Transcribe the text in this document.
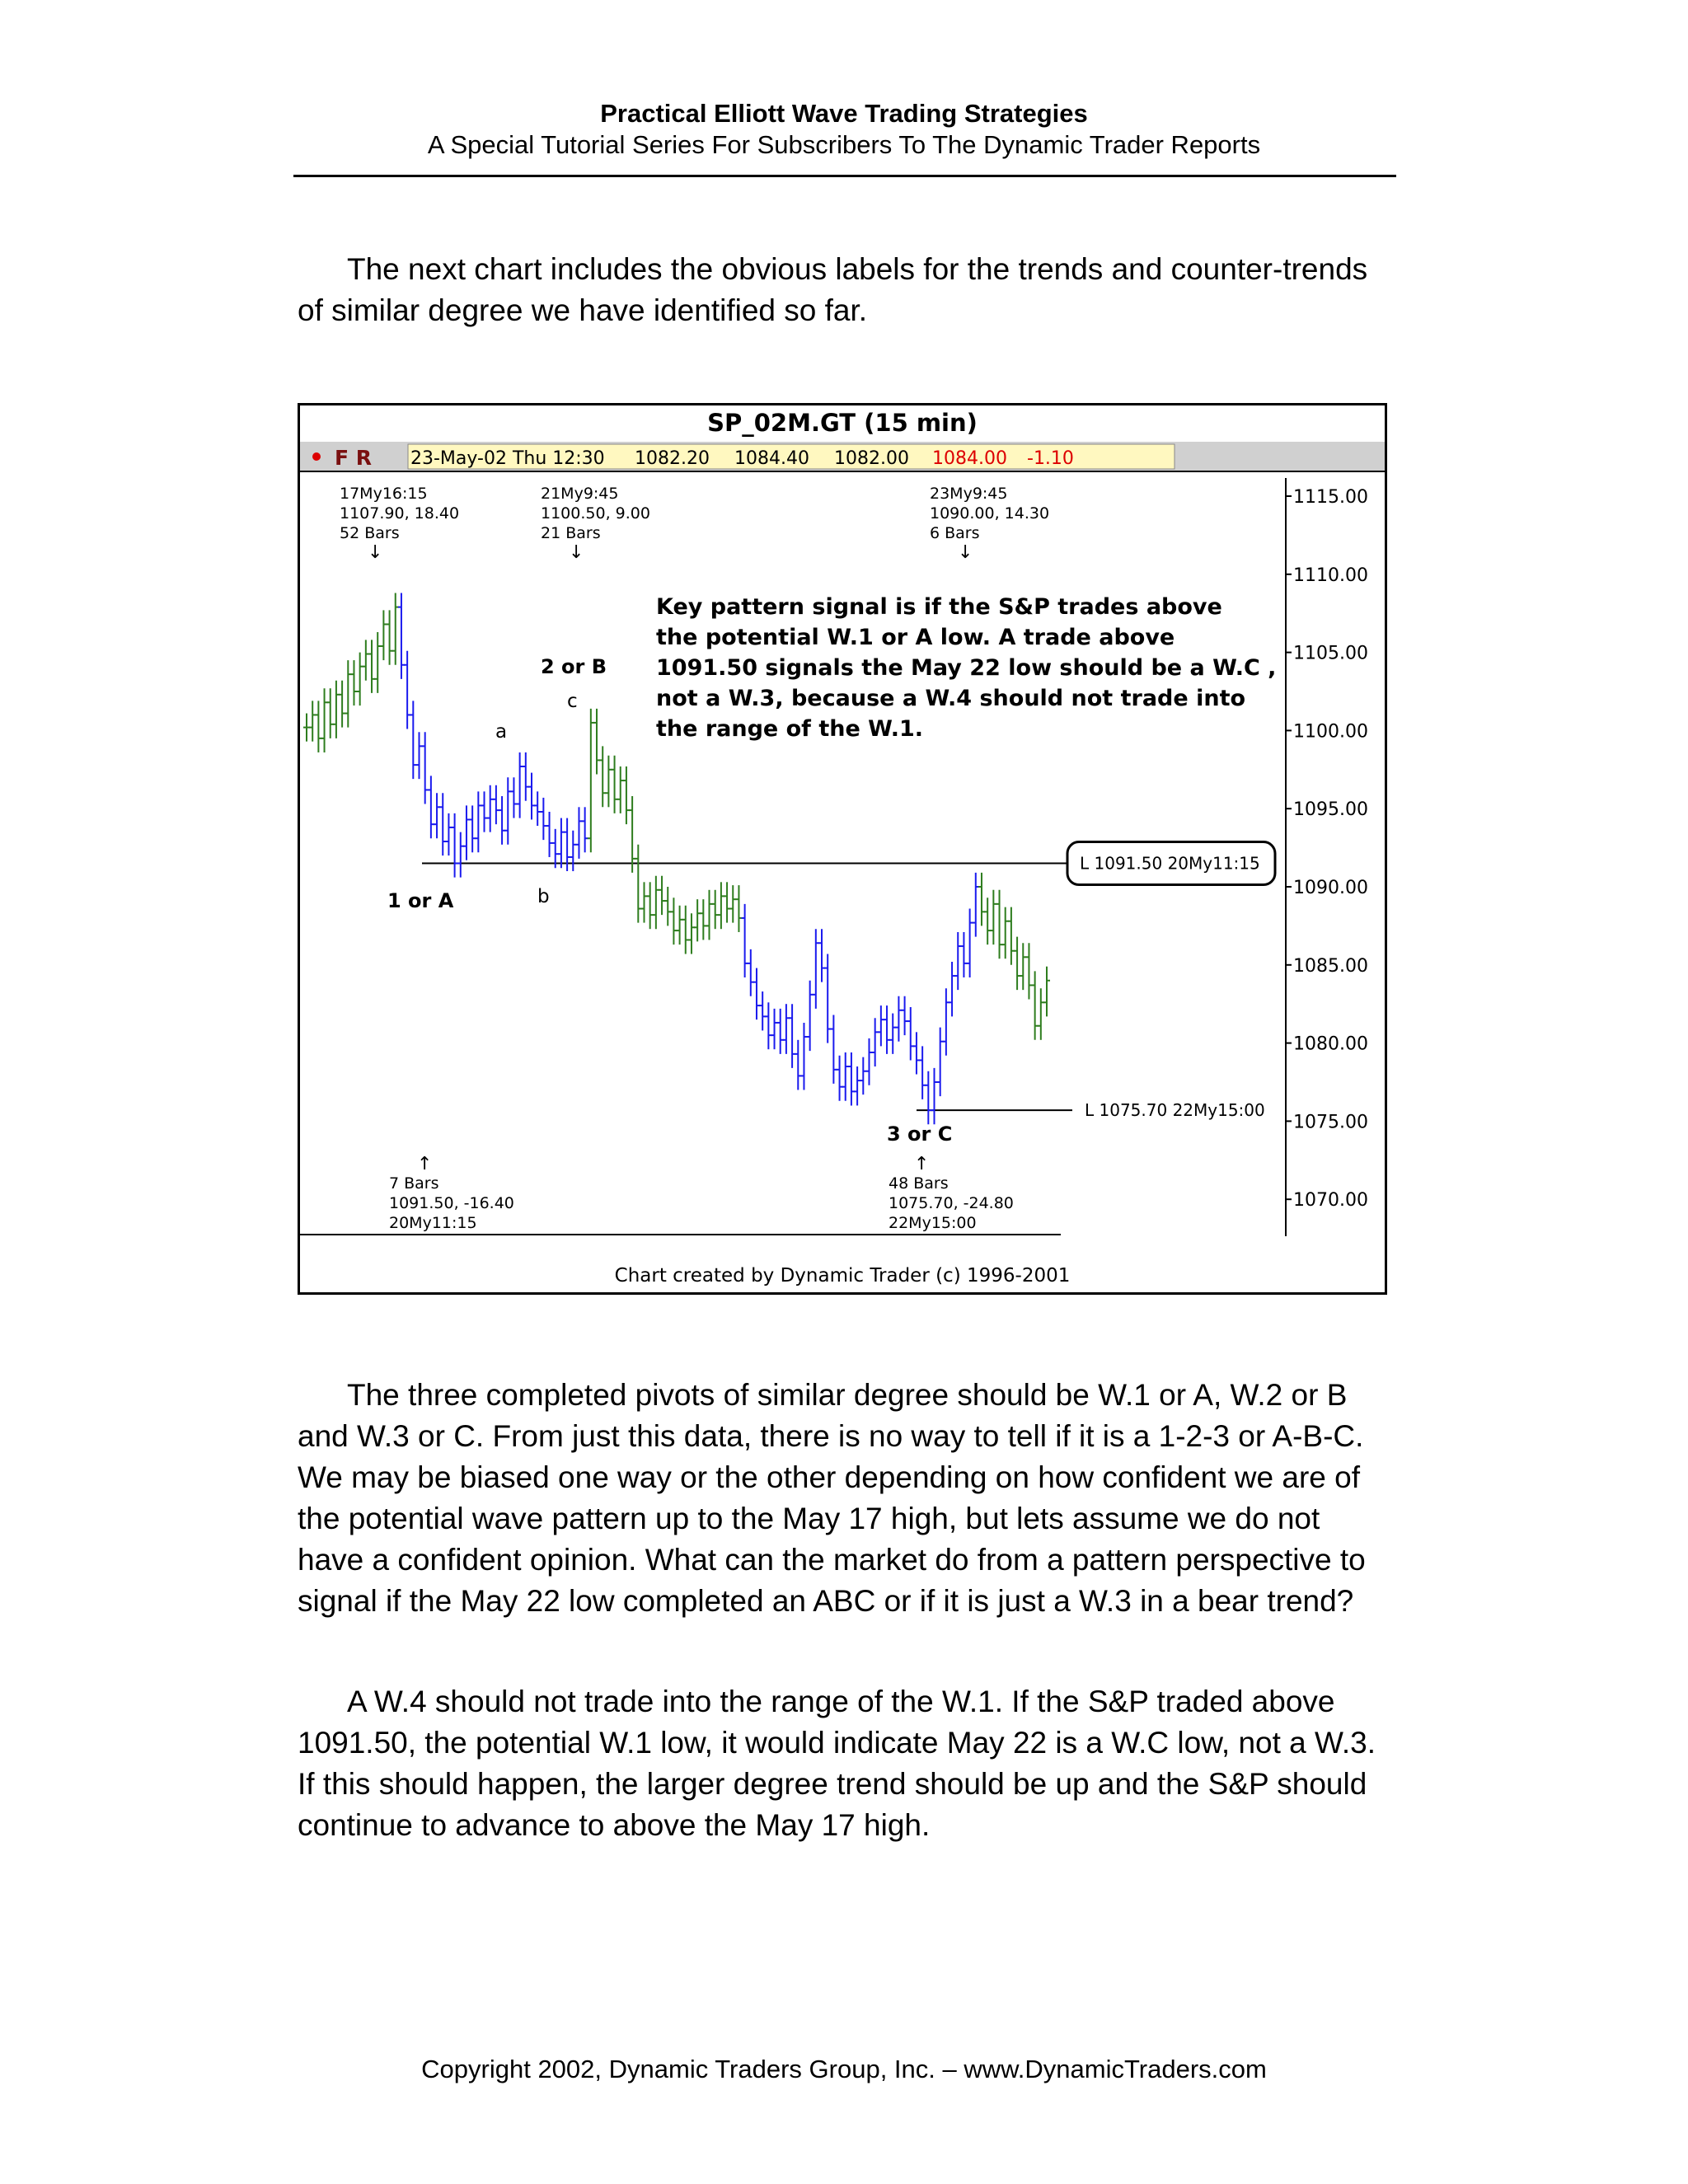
Practical Elliott Wave Trading Strategies
A Special Tutorial Series For Subscribers To The Dynamic Trader Reports

The next chart includes the obvious labels for the trends and counter-trends of similar degree we have identified so far.

SP_02M.GT (15 min)
F R 23-May-02 Thu 12:30 1082.20 1084.40 1082.00 1084.00 -1.10
1115.00
1110.00
1105.00
1100.00
1095.00
1090.00
1085.00
1080.00
1075.00
1070.00
L 1091.50 20My11:15
L 1075.70 22My15:00
17My16:15
1107.90, 18.40
52 Bars
↓
21My9:45
1100.50, 9.00
21 Bars
↓
23My9:45
1090.00, 14.30
6 Bars
↓
Key pattern signal is if the S&P trades above
the potential W.1 or A low. A trade above
1091.50 signals the May 22 low should be a W.C ,
not a W.3, because a W.4 should not trade into
the range of the W.1.
1 or A
2 or B
3 or C
a
b
c
↑
7 Bars
1091.50, -16.40
20My11:15
↑
48 Bars
1075.70, -24.80
22My15:00
Chart created by Dynamic Trader (c) 1996-2001

The three completed pivots of similar degree should be W.1 or A, W.2 or B and W.3 or C. From just this data, there is no way to tell if it is a 1-2-3 or A-B-C. We may be biased one way or the other depending on how confident we are of the potential wave pattern up to the May 17 high, but lets assume we do not have a confident opinion. What can the market do from a pattern perspective to signal if the May 22 low completed an ABC or if it is just a W.3 in a bear trend?

A W.4 should not trade into the range of the W.1. If the S&P traded above 1091.50, the potential W.1 low, it would indicate May 22 is a W.C low, not a W.3. If this should happen, the larger degree trend should be up and the S&P should continue to advance to above the May 17 high.

Copyright 2002, Dynamic Traders Group, Inc. – www.DynamicTraders.com
